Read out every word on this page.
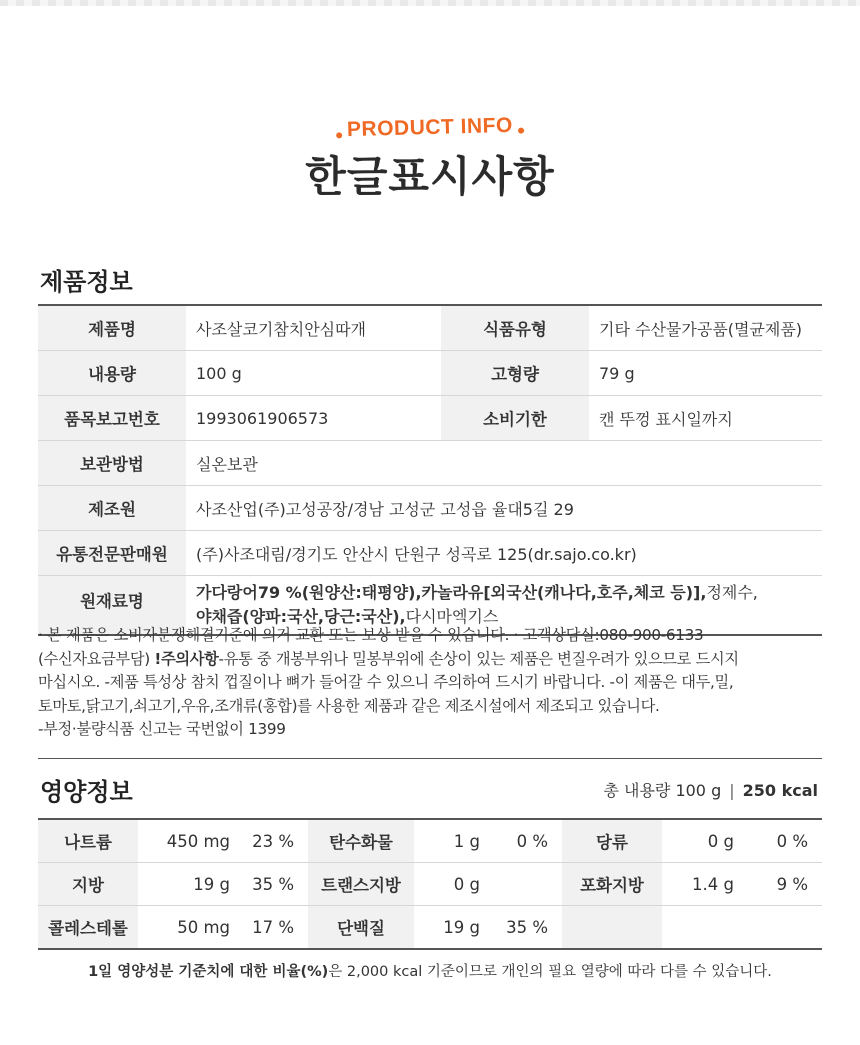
PRODUCT INFO
한글표시사항
제품정보
제품명	사조살코기참치안심따개	식품유형	기타 수산물가공품(멸균제품)
내용량	100 g	고형량	79 g
품목보고번호	1993061906573	소비기한	캔 뚜껑 표시일까지
보관방법	실온보관		
제조원	사조산업(주)고성공장/경남 고성군 고성읍 율대5길 29		
유통전문판매원	(주)사조대림/경기도 안산시 단원구 성곡로 125(dr.sajo.co.kr)		
원재료명	가다랑어79 %(원양산:태평양),카놀라유[외국산(캐나다,호주,체코 등)],정제수,
야채즙(양파:국산,당근:국산),다시마엑기스		
· 본 제품은 소비자분쟁해결기준에 의거 교환 또는 보상 받을 수 있습니다. · 고객상담실:080-900-6133
(수신자요금부담) !주의사항-유통 중 개봉부위나 밀봉부위에 손상이 있는 제품은 변질우려가 있으므로 드시지
마십시오. -제품 특성상 참치 껍질이나 뼈가 들어갈 수 있으니 주의하여 드시기 바랍니다. -이 제품은 대두,밀,
토마토,닭고기,쇠고기,우유,조개류(홍합)를 사용한 제품과 같은 제조시설에서 제조되고 있습니다.
-부정·불량식품 신고는 국번없이 1399
영양정보	총 내용량 100 g | 250 kcal
나트륨	450 mg	23 %	탄수화물	1 g	0 %	당류	0 g	0 %
지방	19 g	35 %	트랜스지방	0 g		포화지방	1.4 g	9 %
콜레스테롤	50 mg	17 %	단백질	19 g	35 %			
1일 영양성분 기준치에 대한 비율(%)은 2,000 kcal 기준이므로 개인의 필요 열량에 따라 다를 수 있습니다.
